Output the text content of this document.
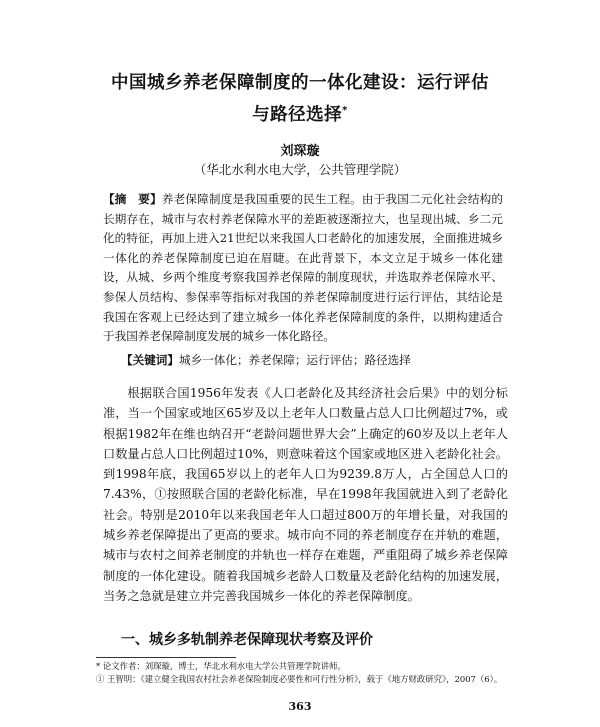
中国城乡养老保障制度的一体化建设：运行评估
与路径选择*
刘琛璇
（华北水利水电大学，公共管理学院）
【摘　要】养老保障制度是我国重要的民生工程。由于我国二元化社会结构的长期存在，城市与农村养老保障水平的差距被逐渐拉大，也呈现出城、乡二元化的特征，再加上进入21世纪以来我国人口老龄化的加速发展，全面推进城乡一体化的养老保障制度已迫在眉睫。在此背景下，本文立足于城乡一体化建设，从城、乡两个维度考察我国养老保障的制度现状，并选取养老保障水平、参保人员结构、参保率等指标对我国的养老保障制度进行运行评估，其结论是我国在客观上已经达到了建立城乡一体化养老保障制度的条件，以期构建适合于我国养老保障制度发展的城乡一体化路径。
【关键词】城乡一体化；养老保障；运行评估；路径选择
根据联合国1956年发表《人口老龄化及其经济社会后果》中的划分标准，当一个国家或地区65岁及以上老年人口数量占总人口比例超过7%，或根据1982年在维也纳召开“老龄问题世界大会”上确定的60岁及以上老年人口数量占总人口比例超过10%，则意味着这个国家或地区进入老龄化社会。到1998年底，我国65岁以上的老年人口为9239.8万人，占全国总人口的7.43%，①按照联合国的老龄化标准，早在1998年我国就进入到了老龄化社会。特别是2010年以来我国老年人口超过800万的年增长量，对我国的城乡养老保障提出了更高的要求。城市向不同的养老制度存在并轨的难题，城市与农村之间养老制度的并轨也一样存在难题，严重阻碍了城乡养老保障制度的一体化建设。随着我国城乡老龄人口数量及老龄化结构的加速发展，当务之急就是建立并完善我国城乡一体化的养老保障制度。
一、城乡多轨制养老保障现状考察及评价
* 论文作者：刘琛璇，博士，华北水利水电大学公共管理学院讲师。
① 王智明：《建立健全我国农村社会养老保险制度必要性和可行性分析》，载于《地方财政研究》，2007（6）。
363
